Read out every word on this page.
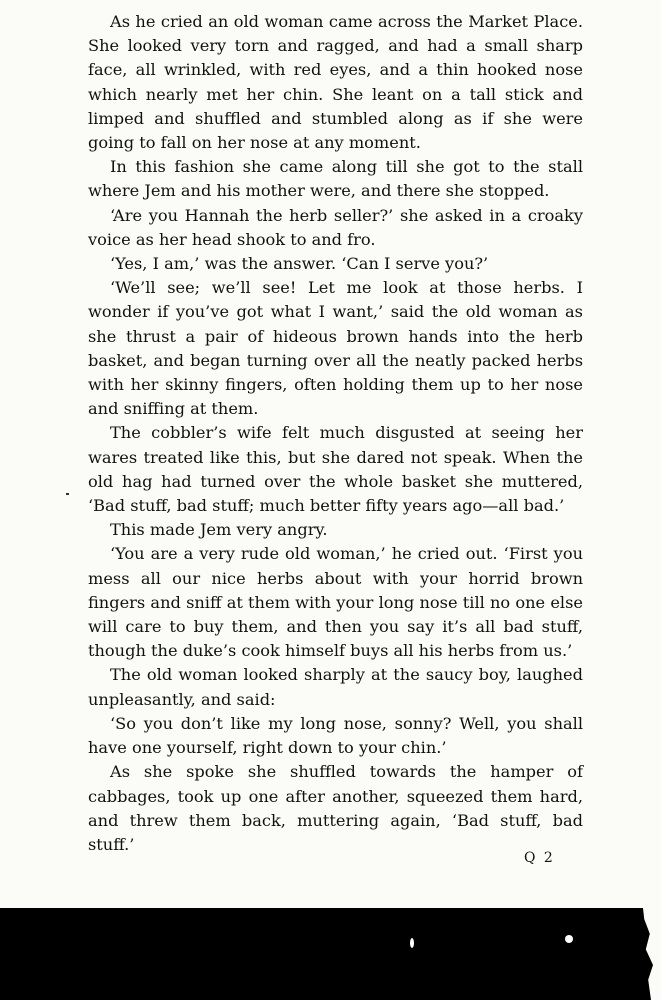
As he cried an old woman came across the Market Place. She looked very torn and ragged, and had a small sharp face, all wrinkled, with red eyes, and a thin hooked nose which nearly met her chin. She leant on a tall stick and limped and shuffled and stumbled along as if she were going to fall on her nose at any moment.

In this fashion she came along till she got to the stall where Jem and his mother were, and there she stopped.

‘Are you Hannah the herb seller?’ she asked in a croaky voice as her head shook to and fro.

‘Yes, I am,’ was the answer. ‘Can I serve you?’

‘We’ll see; we’ll see! Let me look at those herbs. I wonder if you’ve got what I want,’ said the old woman as she thrust a pair of hideous brown hands into the herb basket, and began turning over all the neatly packed herbs with her skinny fingers, often holding them up to her nose and sniffing at them.

The cobbler’s wife felt much disgusted at seeing her wares treated like this, but she dared not speak. When the old hag had turned over the whole basket she muttered, ‘Bad stuff, bad stuff; much better fifty years ago—all bad.’

This made Jem very angry.

‘You are a very rude old woman,’ he cried out. ‘First you mess all our nice herbs about with your horrid brown fingers and sniff at them with your long nose till no one else will care to buy them, and then you say it’s all bad stuff, though the duke’s cook himself buys all his herbs from us.’

The old woman looked sharply at the saucy boy, laughed unpleasantly, and said:

‘So you don’t like my long nose, sonny? Well, you shall have one yourself, right down to your chin.’

As she spoke she shuffled towards the hamper of cabbages, took up one after another, squeezed them hard, and threw them back, muttering again, ‘Bad stuff, bad stuff.’

Q 2
